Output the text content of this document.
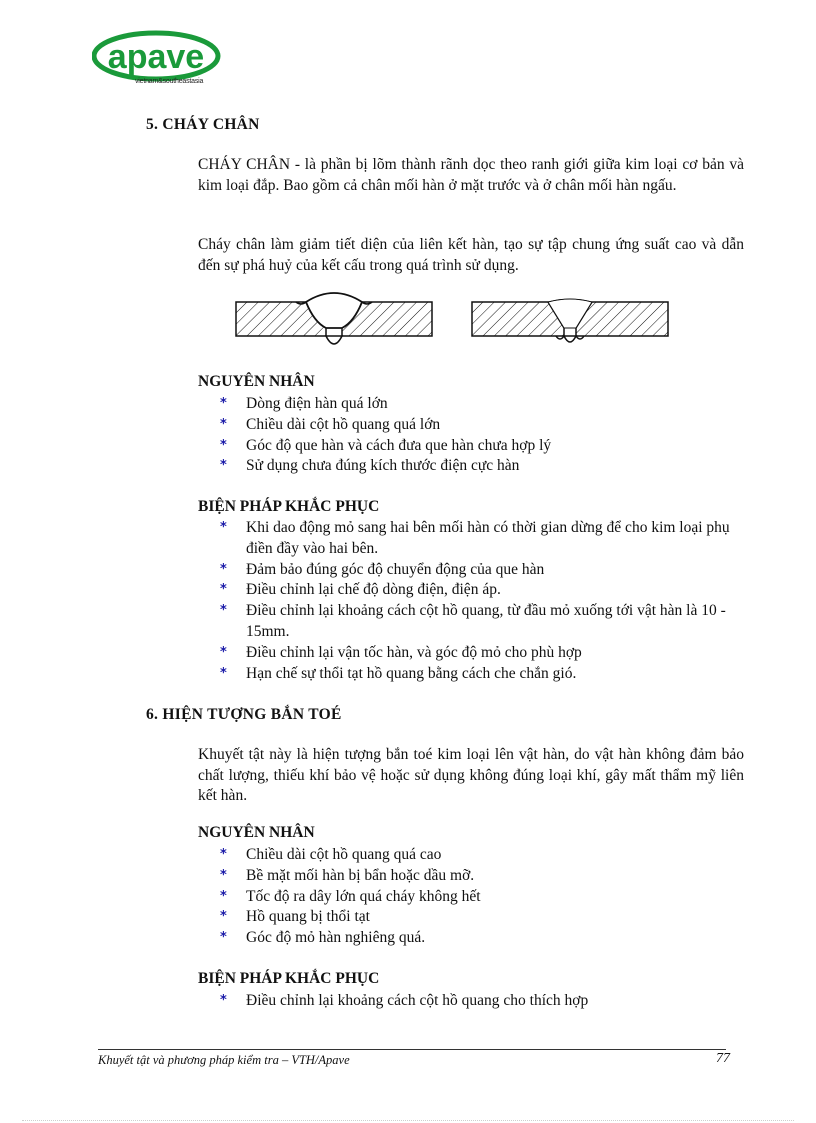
apave
vietnam&southeastasia
5. CHÁY CHÂN
CHÁY CHÂN - là phần bị lõm thành rãnh dọc theo ranh giới giữa kim loại cơ bản và kim loại đắp. Bao gồm cả chân mối hàn ở mặt trước và ở chân mối hàn ngấu.
Cháy chân làm giảm tiết diện của liên kết hàn, tạo sự tập chung ứng suất cao và dẫn đến sự phá huỷ của kết cấu trong quá trình sử dụng.
NGUYÊN NHÂN
* Dòng điện hàn quá lớn
* Chiều dài cột hồ quang quá lớn
* Góc độ que hàn và cách đưa que hàn chưa hợp lý
* Sử dụng chưa đúng kích thước điện cực hàn
BIỆN PHÁP KHẮC PHỤC
* Khi dao động mỏ sang hai bên mối hàn có thời gian dừng để cho kim loại phụ điền đầy vào hai bên.
* Đảm bảo đúng góc độ chuyển động của que hàn
* Điều chỉnh lại chế độ dòng điện, điện áp.
* Điều chỉnh lại khoảng cách cột hồ quang, từ đầu mỏ xuống tới vật hàn là 10 - 15mm.
* Điều chỉnh lại vận tốc hàn, và góc độ mỏ cho phù hợp
* Hạn chế sự thổi tạt hồ quang bằng cách che chắn gió.
6. HIỆN TƯỢNG BẮN TOÉ
Khuyết tật này là hiện tượng bắn toé kim loại lên vật hàn, do vật hàn không đảm bảo chất lượng, thiếu khí bảo vệ hoặc sử dụng không đúng loại khí, gây mất thẩm mỹ liên kết hàn.
NGUYÊN NHÂN
* Chiều dài cột hồ quang quá cao
* Bề mặt mối hàn bị bẩn hoặc dầu mỡ.
* Tốc độ ra dây lớn quá cháy không hết
* Hồ quang bị thổi tạt
* Góc độ mỏ hàn nghiêng quá.
BIỆN PHÁP KHẮC PHỤC
* Điều chỉnh lại khoảng cách cột hồ quang cho thích hợp
Khuyết tật và phương pháp kiểm tra – VTH/Apave	77
